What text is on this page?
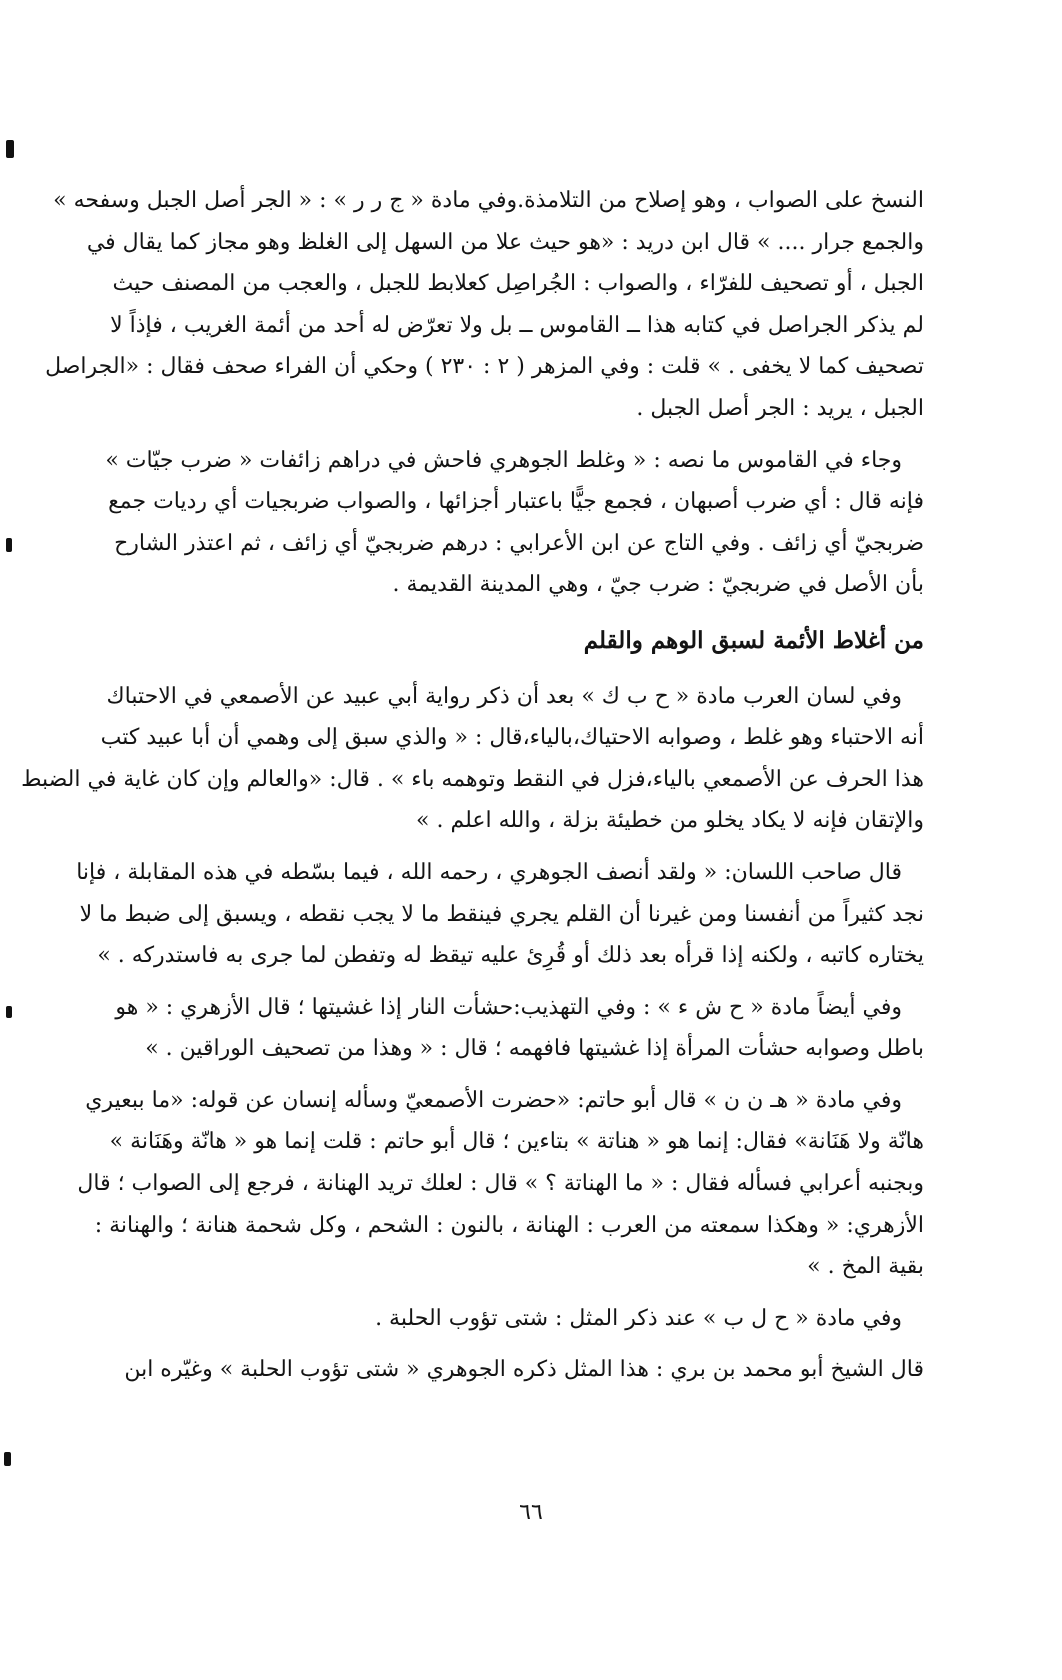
النسخ على الصواب ، وهو إصلاح من التلامذة.وفي مادة « ج ر ر » : « الجر أصل الجبل وسفحه »
والجمع جرار .... » قال ابن دريد : «هو حيث علا من السهل إلى الغلظ وهو مجاز كما يقال في
الجبل ، أو تصحيف للفرّاء ، والصواب : الجُراصِل كعلابط للجبل ، والعجب من المصنف حيث
لم يذكر الجراصل في كتابه هذا ــ القاموس ــ بل ولا تعرّض له أحد من أئمة الغريب ، فإذاً لا
تصحيف كما لا يخفى . » قلت : وفي المزهر ( ٢ : ٢٣٠ ) وحكي أن الفراء صحف فقال : «الجراصل
الجبل ، يريد : الجر أصل الجبل .
وجاء في القاموس ما نصه : « وغلط الجوهري فاحش في دراهم زائفات « ضرب جيّات »
فإنه قال : أي ضرب أصبهان ، فجمع جيًّا باعتبار أجزائها ، والصواب ضربجيات أي رديات جمع
ضربجيّ أي زائف . وفي التاج عن ابن الأعرابي : درهم ضربجيّ أي زائف ، ثم اعتذر الشارح
بأن الأصل في ضربجيّ : ضرب جيّ ، وهي المدينة القديمة .
من أغلاط الأئمة لسبق الوهم والقلم
وفي لسان العرب مادة « ح ب ك » بعد أن ذكر رواية أبي عبيد عن الأصمعي في الاحتباك
أنه الاحتباء وهو غلط ، وصوابه الاحتياك،بالياء،قال : « والذي سبق إلى وهمي أن أبا عبيد كتب
هذا الحرف عن الأصمعي بالياء،فزل في النقط وتوهمه باء » . قال: «والعالم وإن كان غاية في الضبط
والإتقان فإنه لا يكاد يخلو من خطيئة بزلة ، والله اعلم . »
قال صاحب اللسان: « ولقد أنصف الجوهري ، رحمه الله ، فيما بسّطه في هذه المقابلة ، فإنا
نجد كثيراً من أنفسنا ومن غيرنا أن القلم يجري فينقط ما لا يجب نقطه ، ويسبق إلى ضبط ما لا
يختاره كاتبه ، ولكنه إذا قرأه بعد ذلك أو قُرِئ عليه تيقظ له وتفطن لما جرى به فاستدركه . »
وفي أيضاً مادة « ح ش ء » : وفي التهذيب:حشأت النار إذا غشيتها ؛ قال الأزهري : « هو
باطل وصوابه حشأت المرأة إذا غشيتها فافهمه ؛ قال : « وهذا من تصحيف الوراقين . »
وفي مادة « هـ ن ن » قال أبو حاتم: «حضرت الأصمعيّ وسأله إنسان عن قوله: «ما ببعيري
هانّة ولا هَنَانة» فقال: إنما هو « هناتة » بتاءين ؛ قال أبو حاتم : قلت إنما هو « هانّة وهَنَانة »
وبجنبه أعرابي فسأله فقال : « ما الهناتة ؟ » قال : لعلك تريد الهنانة ، فرجع إلى الصواب ؛ قال
الأزهري: « وهكذا سمعته من العرب : الهنانة ، بالنون : الشحم ، وكل شحمة هنانة ؛ والهنانة :
بقية المخ . »
وفي مادة « ح ل ب » عند ذكر المثل : شتى تؤوب الحلبة .
قال الشيخ أبو محمد بن بري : هذا المثل ذكره الجوهري « شتى تؤوب الحلبة » وغيّره ابن
٦٦
